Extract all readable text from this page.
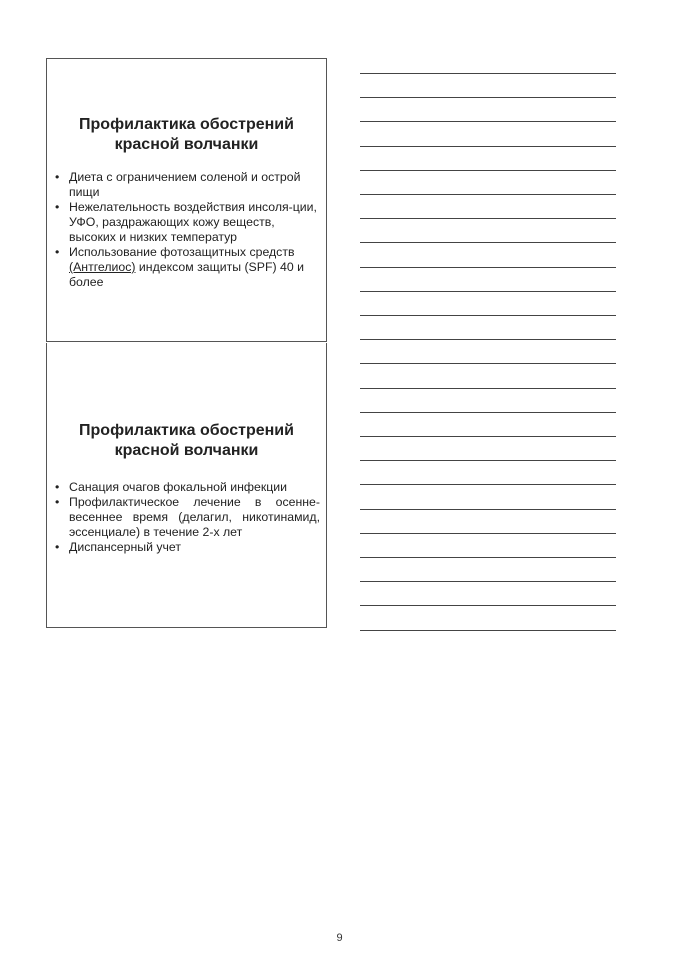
Профилактика обострений
красной волчанки
• Диета с ограничением соленой и острой пищи
• Нежелательность воздействия инсоля-ции, УФО, раздражающих кожу веществ, высоких и низких температур
• Использование фотозащитных средств (Антгелиос) индексом защиты (SPF) 40 и более
Профилактика обострений
красной волчанки
• Санация очагов фокальной инфекции
• Профилактическое лечение в осенне-весеннее время (делагил, никотинамид, эссенциале) в течение 2-х лет
• Диспансерный учет
9
